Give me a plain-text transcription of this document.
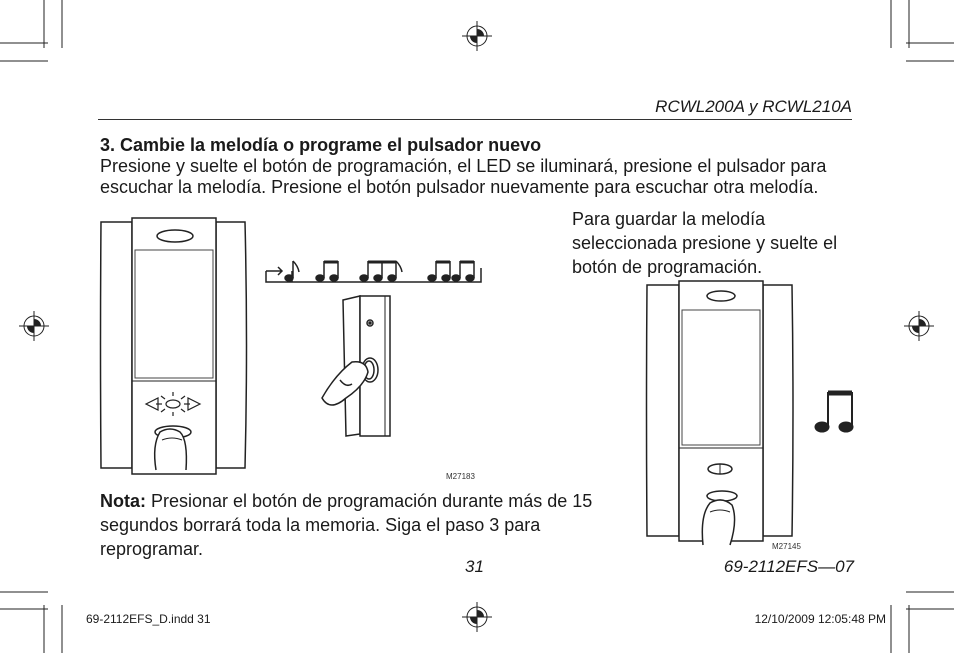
RCWL200A y RCWL210A
3. Cambie la melodía o programe el pulsador nuevo
Presione y suelte el botón de programación, el LED se iluminará, presione el pulsador para escuchar la melodía. Presione el botón pulsador nuevamente para escuchar otra melodía.
M27183
Para guardar la melodía seleccionada presione y suelte el botón de programación.
M27145
Nota: Presionar el botón de programación durante más de 15 segundos borrará toda la memoria. Siga el paso 3 para reprogramar.
31	69-2112EFS—07
69-2112EFS_D.indd 31	12/10/2009 12:05:48 PM
